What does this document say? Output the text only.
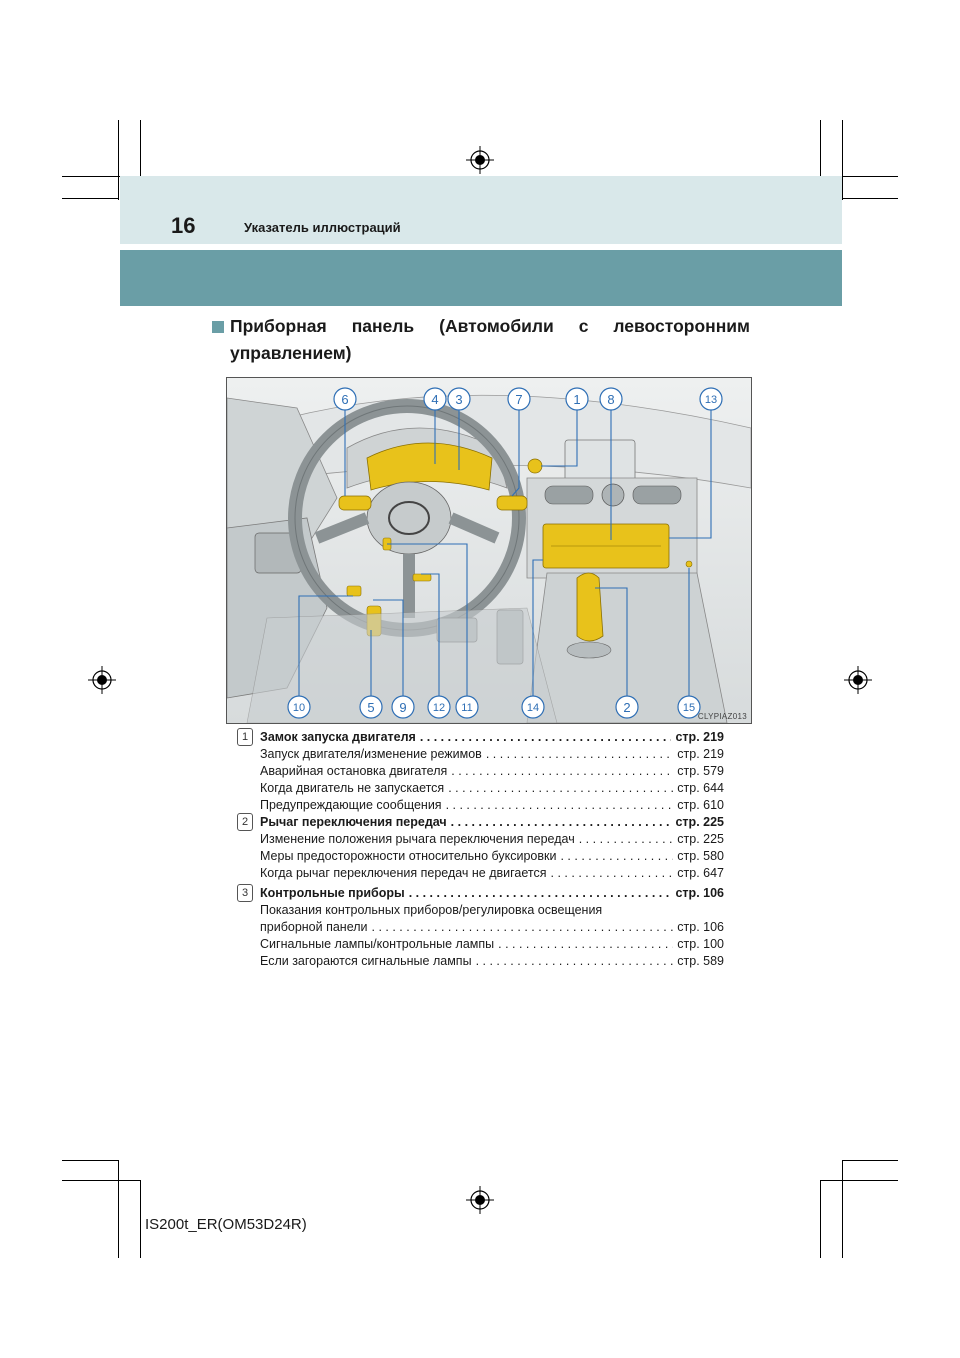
16	Указатель иллюстраций
Приборная панель (Автомобили с левосторонним
управлением)
6	4 3	7	1 8	13
10	5 9 12 11	14	2	15
CLYPIAZ013
1 Замок запуска двигателя . . .	стр. 219
Запуск двигателя/изменение режимов . . .	стр. 219
Аварийная остановка двигателя . . .	стр. 579
Когда двигатель не запускается . . .	стр. 644
Предупреждающие сообщения . . .	стр. 610
2 Рычаг переключения передач . . .	стр. 225
Изменение положения рычага переключения передач . . .	стр. 225
Меры предосторожности относительно буксировки . . .	стр. 580
Когда рычаг переключения передач не двигается . . .	стр. 647
3 Контрольные приборы . . .	стр. 106
Показания контрольных приборов/регулировка освещения
приборной панели . . .	стр. 106
Сигнальные лампы/контрольные лампы . . .	стр. 100
Если загораются сигнальные лампы . . .	стр. 589
IS200t_ER(OM53D24R)
